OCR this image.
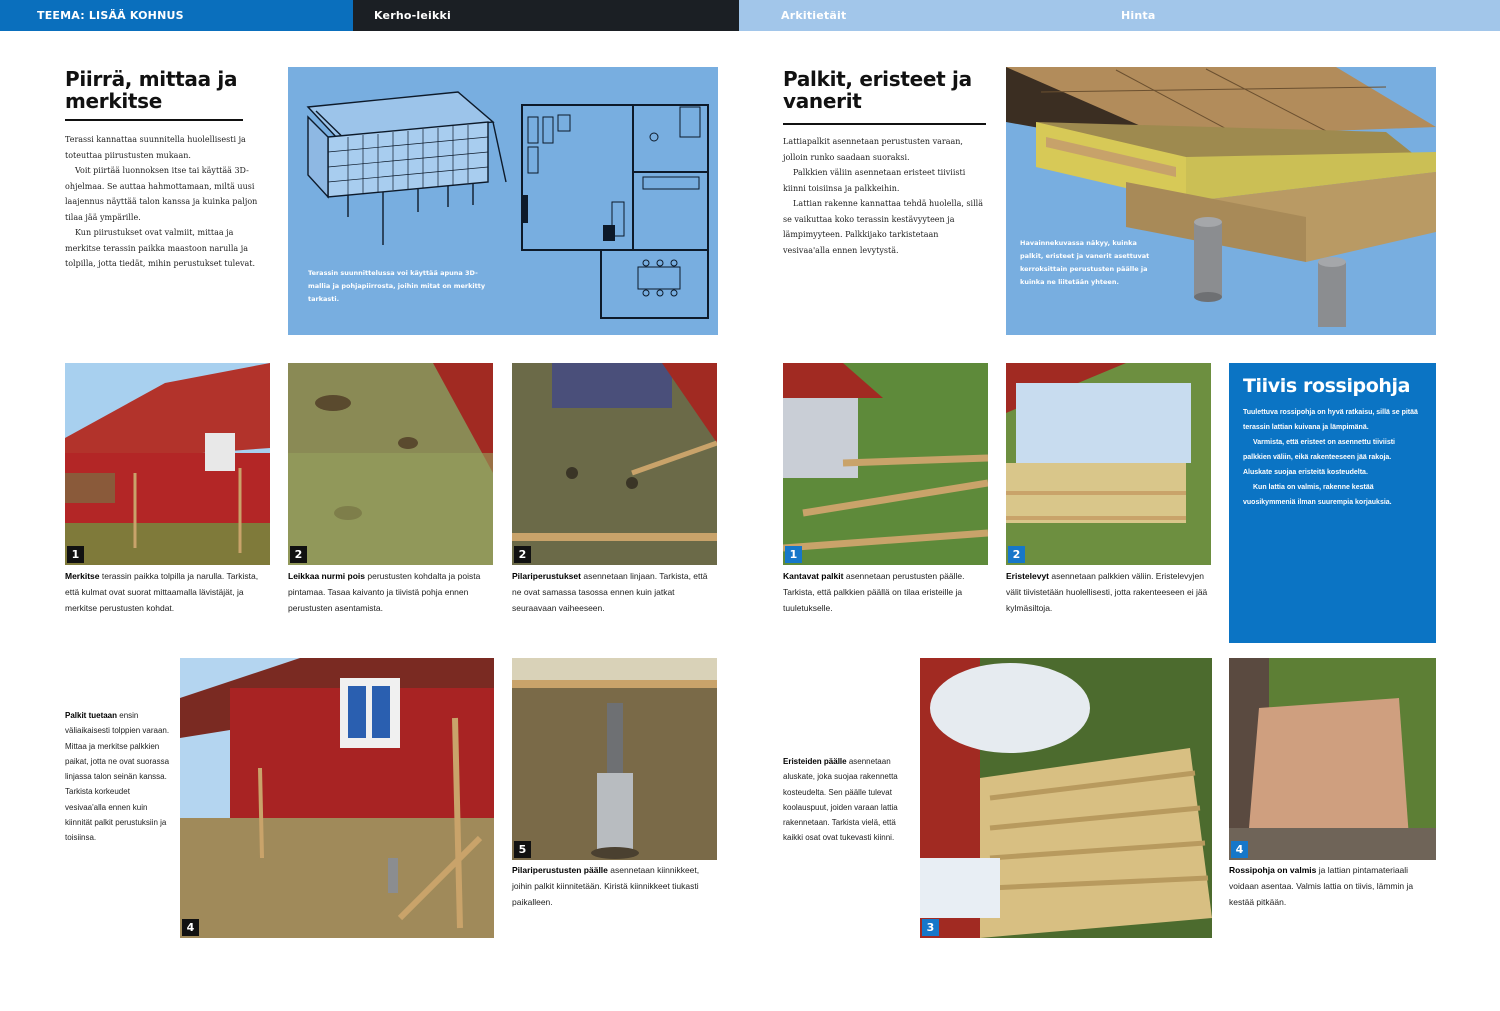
TEEMA: LISÄÄ KOHNUS	Kerho-leikki	Arkitietäit	Hinta
Piirrä, mittaa ja merkitse

Terassi kannattaa suunnitella huolellisesti ja toteuttaa piirustusten mukaan.

Voit piirtää luonnoksen itse tai käyttää 3D-ohjelmaa. Se auttaa hahmottamaan, miltä uusi laajennus näyttää talon kanssa ja kuinka paljon tilaa jää ympärille.

Kun piirustukset ovat valmiit, mittaa ja merkitse terassin paikka maastoon narulla ja tolpilla, jotta tiedät, mihin perustukset tulevat.

Terassin suunnittelussa voi käyttää apuna 3D-mallia ja pohjapiirrosta, joihin mitat on merkitty tarkasti.
Palkit, eristeet ja vanerit

Lattiapalkit asennetaan perustusten varaan, jolloin runko saadaan suoraksi.

Palkkien väliin asennetaan eristeet tiiviisti kiinni toisiinsa ja palkkeihin.

Lattian rakenne kannattaa tehdä huolella, sillä se vaikuttaa koko terassin kestävyyteen ja lämpimyyteen. Palkkijako tarkistetaan vesivaa'alla ennen levytystä.

Havainnekuvassa näkyy, kuinka palkit, eristeet ja vanerit asettuvat kerroksittain perustusten päälle ja kuinka ne liitetään yhteen.
1	2	2
Merkitse terassin paikka tolpilla ja narulla. Tarkista, että kulmat ovat suorat mittaamalla lävistäjät, ja merkitse perustusten kohdat.
Leikkaa nurmi pois perustusten kohdalta ja poista pintamaa. Tasaa kaivanto ja tiivistä pohja ennen perustusten asentamista.
Pilariperustukset asennetaan linjaan. Tarkista, että ne ovat samassa tasossa ennen kuin jatkat seuraavaan vaiheeseen.
Palkit tuetaan ensin väliaikaisesti tolppien varaan. Mittaa ja merkitse palkkien paikat, jotta ne ovat suorassa linjassa talon seinän kanssa. Tarkista korkeudet vesivaa'alla ennen kuin kiinnität palkit perustuksiin ja toisiinsa.
4
5
Pilariperustusten päälle asennetaan kiinnikkeet, joihin palkit kiinnitetään. Kiristä kiinnikkeet tiukasti paikalleen.
1	2
Tiivis rossipohja

Tuulettuva rossipohja on hyvä ratkaisu, sillä se pitää terassin lattian kuivana ja lämpimänä.

Varmista, että eristeet on asennettu tiiviisti palkkien väliin, eikä rakenteeseen jää rakoja. Aluskate suojaa eristeitä kosteudelta.

Kun lattia on valmis, rakenne kestää vuosikymmeniä ilman suurempia korjauksia.

Kantavat palkit asennetaan perustusten päälle. Tarkista, että palkkien päällä on tilaa eristeille ja tuuletukselle.
Eristelevyt asennetaan palkkien väliin. Eristelevyjen välit tiivistetään huolellisesti, jotta rakenteeseen ei jää kylmäsiltoja.
Eristeiden päälle asennetaan aluskate, joka suojaa rakennetta kosteudelta. Sen päälle tulevat koolauspuut, joiden varaan lattia rakennetaan. Tarkista vielä, että kaikki osat ovat tukevasti kiinni.
3
4
Rossipohja on valmis ja lattian pintamateriaali voidaan asentaa. Valmis lattia on tiivis, lämmin ja kestää pitkään.
